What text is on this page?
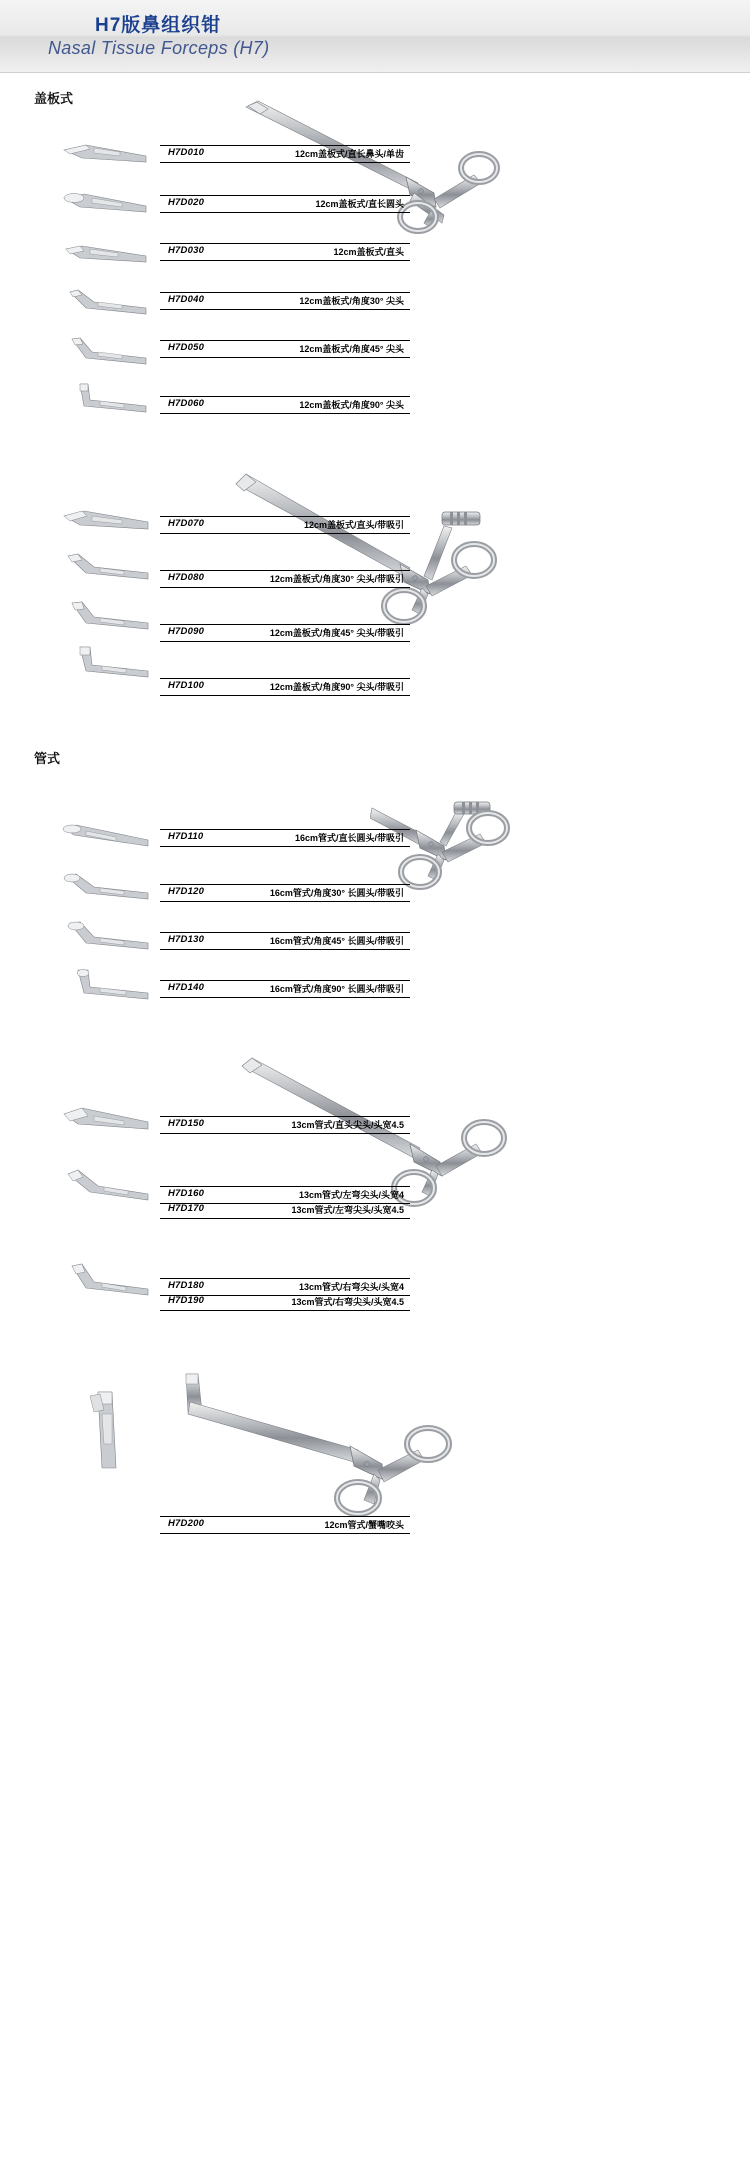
H7版鼻组织钳
Nasal Tissue Forceps (H7)
盖板式
管式
H7D010	12cm盖板式/直长鼻头/单齿
H7D020	12cm盖板式/直长圆头
H7D030	12cm盖板式/直头
H7D040	12cm盖板式/角度30° 尖头
H7D050	12cm盖板式/角度45° 尖头
H7D060	12cm盖板式/角度90° 尖头
H7D070	12cm盖板式/直头/带吸引
H7D080	12cm盖板式/角度30° 尖头/带吸引
H7D090	12cm盖板式/角度45° 尖头/带吸引
H7D100	12cm盖板式/角度90° 尖头/带吸引
H7D110	16cm管式/直长圆头/带吸引
H7D120	16cm管式/角度30° 长圆头/带吸引
H7D130	16cm管式/角度45° 长圆头/带吸引
H7D140	16cm管式/角度90° 长圆头/带吸引
H7D150	13cm管式/直头尖头/头宽4.5
H7D160	13cm管式/左弯尖头/头宽4
H7D170	13cm管式/左弯尖头/头宽4.5
H7D180	13cm管式/右弯尖头/头宽4
H7D190	13cm管式/右弯尖头/头宽4.5
H7D200	12cm管式/蟹嘴咬头
